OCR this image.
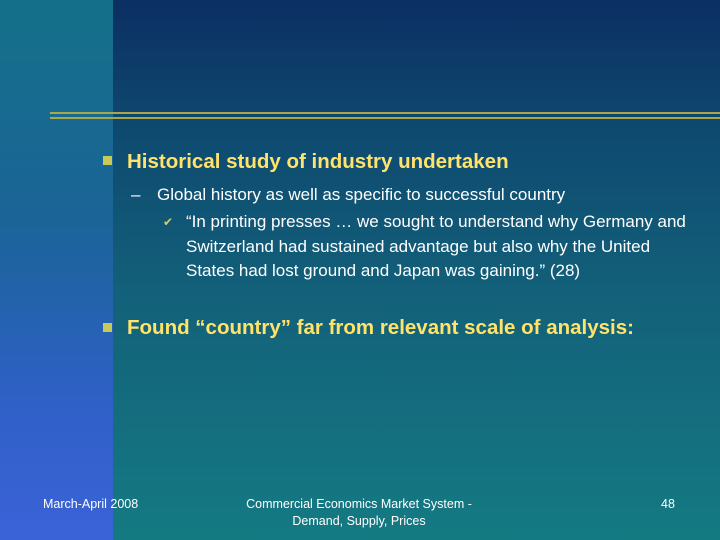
Historical study of industry undertaken

– Global history as well as specific to successful country

✔ “In printing presses … we sought to understand why Germany and Switzerland had sustained advantage but also why the United States had lost ground and Japan was gaining.” (28)

Found “country” far from relevant scale of analysis:

March-April 2008	Commercial Economics Market System - Demand, Supply, Prices
48
